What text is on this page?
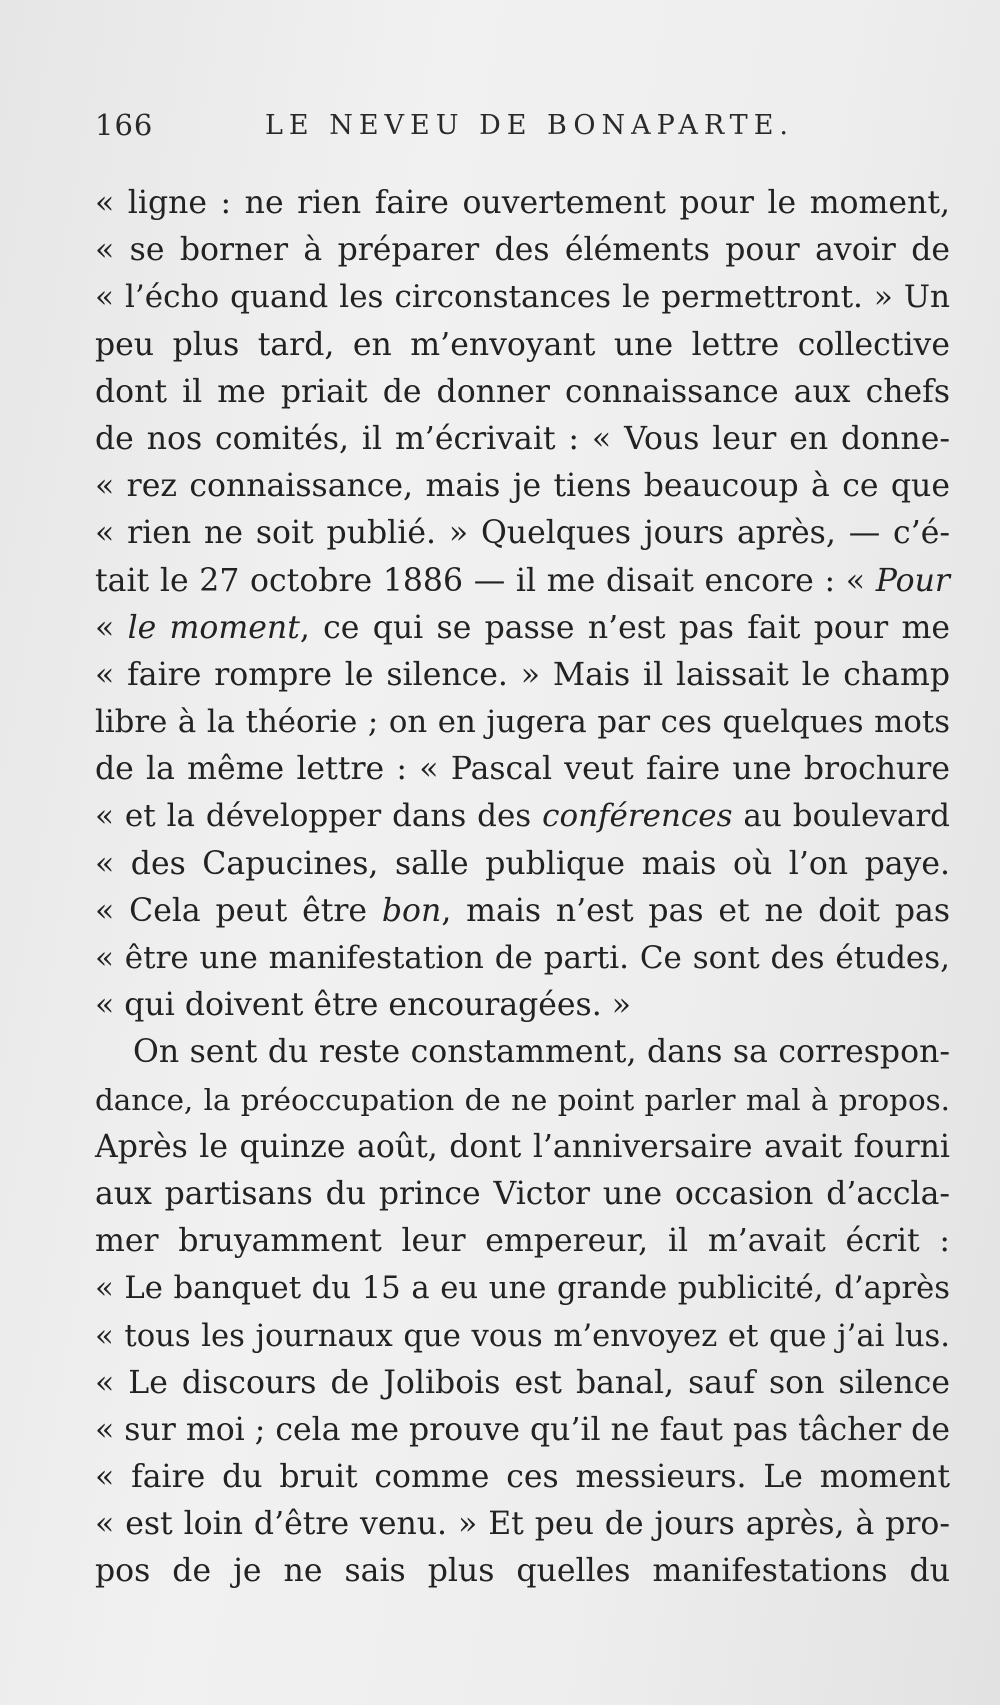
166	LE NEVEU DE BONAPARTE.
« ligne : ne rien faire ouvertement pour le moment,
« se borner à préparer des éléments pour avoir de
« l’écho quand les circonstances le permettront. » Un
peu plus tard, en m’envoyant une lettre collective
dont il me priait de donner connaissance aux chefs
de nos comités, il m’écrivait : « Vous leur en donne-
« rez connaissance, mais je tiens beaucoup à ce que
« rien ne soit publié. » Quelques jours après, — c’é-
tait le 27 octobre 1886 — il me disait encore : « Pour
« le moment, ce qui se passe n’est pas fait pour me
« faire rompre le silence. » Mais il laissait le champ
libre à la théorie ; on en jugera par ces quelques mots
de la même lettre : « Pascal veut faire une brochure
« et la développer dans des conférences au boulevard
« des Capucines, salle publique mais où l’on paye.
« Cela peut être bon, mais n’est pas et ne doit pas
« être une manifestation de parti. Ce sont des études,
« qui doivent être encouragées. »
On sent du reste constamment, dans sa correspon-
dance, la préoccupation de ne point parler mal à propos.
Après le quinze août, dont l’anniversaire avait fourni
aux partisans du prince Victor une occasion d’accla-
mer bruyamment leur empereur, il m’avait écrit :
« Le banquet du 15 a eu une grande publicité, d’après
« tous les journaux que vous m’envoyez et que j’ai lus.
« Le discours de Jolibois est banal, sauf son silence
« sur moi ; cela me prouve qu’il ne faut pas tâcher de
« faire du bruit comme ces messieurs. Le moment
« est loin d’être venu. » Et peu de jours après, à pro-
pos de je ne sais plus quelles manifestations du
